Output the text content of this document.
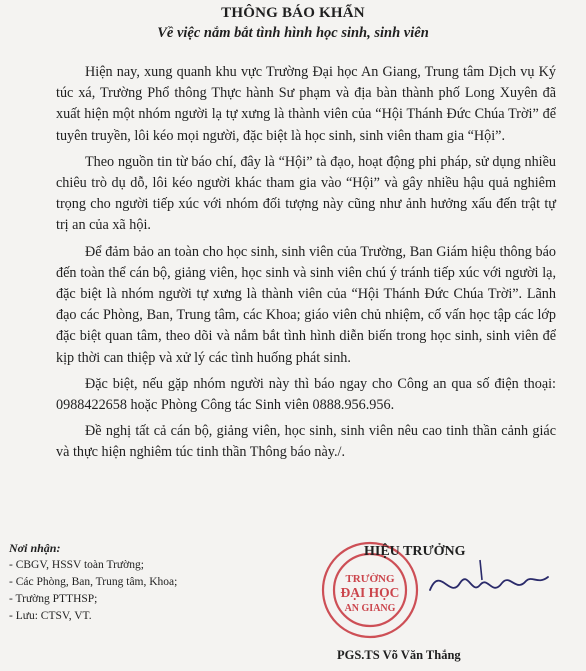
THÔNG BÁO KHẨN
Về việc nắm bắt tình hình học sinh, sinh viên

Hiện nay, xung quanh khu vực Trường Đại học An Giang, Trung tâm Dịch vụ Ký túc xá, Trường Phổ thông Thực hành Sư phạm và địa bàn thành phố Long Xuyên đã xuất hiện một nhóm người lạ tự xưng là thành viên của “Hội Thánh Đức Chúa Trời” để tuyên truyền, lôi kéo mọi người, đặc biệt là học sinh, sinh viên tham gia “Hội”.

Theo nguồn tin từ báo chí, đây là “Hội” tà đạo, hoạt động phi pháp, sử dụng nhiều chiêu trò dụ dỗ, lôi kéo người khác tham gia vào “Hội” và gây nhiều hậu quả nghiêm trọng cho người tiếp xúc với nhóm đối tượng này cũng như ảnh hưởng xấu đến trật tự trị an của xã hội.

Để đảm bảo an toàn cho học sinh, sinh viên của Trường, Ban Giám hiệu thông báo đến toàn thể cán bộ, giảng viên, học sinh và sinh viên chú ý tránh tiếp xúc với người lạ, đặc biệt là nhóm người tự xưng là thành viên của “Hội Thánh Đức Chúa Trời”. Lãnh đạo các Phòng, Ban, Trung tâm, các Khoa; giáo viên chủ nhiệm, cố vấn học tập các lớp đặc biệt quan tâm, theo dõi và nắm bắt tình hình diễn biến trong học sinh, sinh viên để kịp thời can thiệp và xử lý các tình huống phát sinh.

Đặc biệt, nếu gặp nhóm người này thì báo ngay cho Công an qua số điện thoại: 0988422658 hoặc Phòng Công tác Sinh viên 0888.956.956.

Đề nghị tất cả cán bộ, giảng viên, học sinh, sinh viên nêu cao tinh thần cảnh giác và thực hiện nghiêm túc tinh thần Thông báo này./.

Nơi nhận:
- CBGV, HSSV toàn Trường;
- Các Phòng, Ban, Trung tâm, Khoa;
- Trường PTTHSP;
- Lưu: CTSV, VT.
TRƯỜNG
ĐẠI HỌC
AN GIANG
HIỆU TRƯỞNG
PGS.TS Võ Văn Thắng
